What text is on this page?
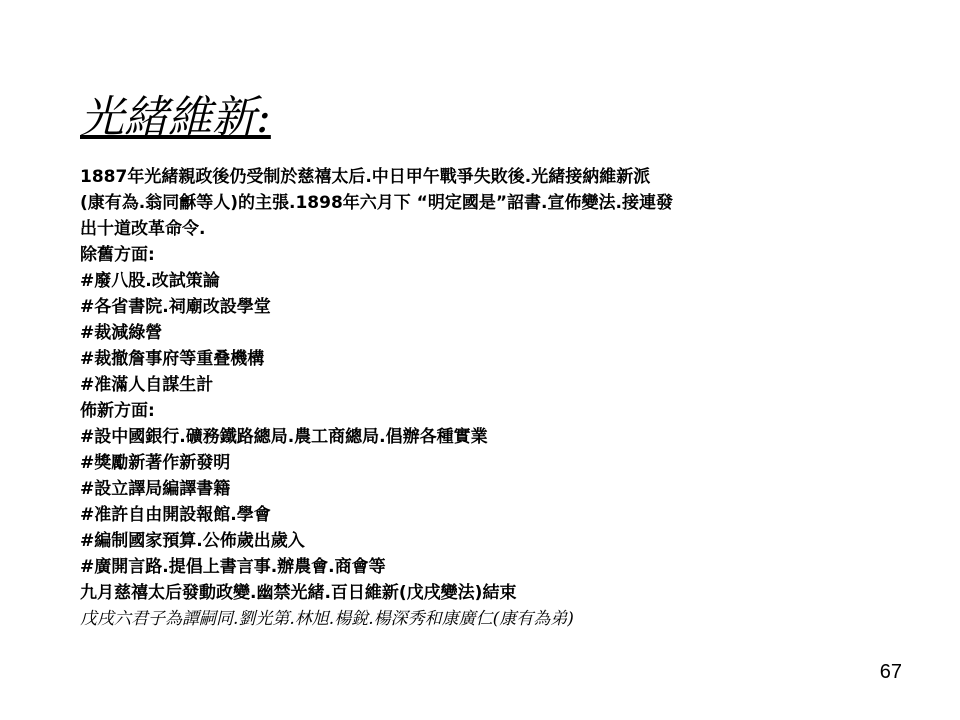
光緒維新:
1887年光緒親政後仍受制於慈禧太后.中日甲午戰爭失敗後.光緒接納維新派
(康有為.翁同龢等人)的主張.1898年六月下 “明定國是”詔書.宣佈變法.接連發
出十道改革命令.
除舊方面:
#廢八股.改試策論
#各省書院.祠廟改設學堂
#裁減綠營
#裁撤詹事府等重叠機構
#准滿人自謀生計
佈新方面:
#設中國銀行.礦務鐵路總局.農工商總局.倡辦各種實業
#獎勵新著作新發明
#設立譯局編譯書籍
#准許自由開設報館.學會
#編制國家預算.公佈歲出歲入
#廣開言路.提倡上書言事.辦農會.商會等
九月慈禧太后發動政變.幽禁光緒.百日維新(戊戌變法)結束
戊戌六君子為譚嗣同.劉光第.林旭.楊銳.楊深秀和康廣仁(康有為弟)
67
